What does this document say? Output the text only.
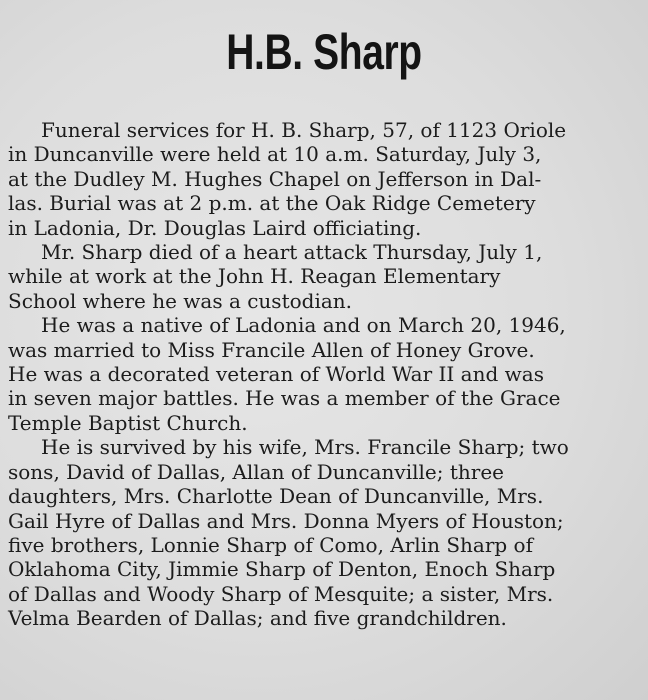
H.B. Sharp
Funeral services for H. B. Sharp, 57, of 1123 Oriole
in Duncanville were held at 10 a.m. Saturday, July 3,
at the Dudley M. Hughes Chapel on Jefferson in Dal-
las. Burial was at 2 p.m. at the Oak Ridge Cemetery
in Ladonia, Dr. Douglas Laird officiating.
Mr. Sharp died of a heart attack Thursday, July 1,
while at work at the John H. Reagan Elementary
School where he was a custodian.
He was a native of Ladonia and on March 20, 1946,
was married to Miss Francile Allen of Honey Grove.
He was a decorated veteran of World War II and was
in seven major battles. He was a member of the Grace
Temple Baptist Church.
He is survived by his wife, Mrs. Francile Sharp; two
sons, David of Dallas, Allan of Duncanville; three
daughters, Mrs. Charlotte Dean of Duncanville, Mrs.
Gail Hyre of Dallas and Mrs. Donna Myers of Houston;
five brothers, Lonnie Sharp of Como, Arlin Sharp of
Oklahoma City, Jimmie Sharp of Denton, Enoch Sharp
of Dallas and Woody Sharp of Mesquite; a sister, Mrs.
Velma Bearden of Dallas; and five grandchildren.
